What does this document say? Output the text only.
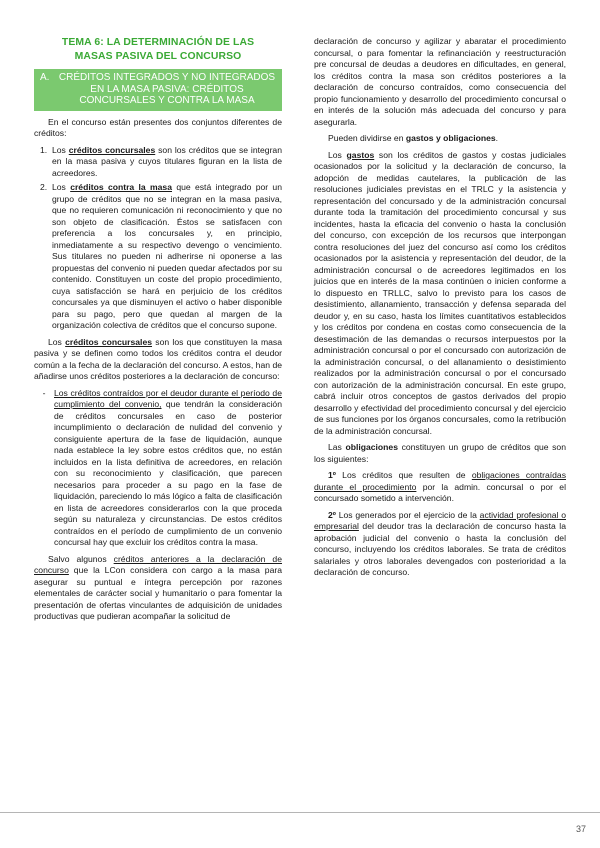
TEMA 6: LA DETERMINACIÓN DE LAS MASAS PASIVA DEL CONCURSO
A. CRÉDITOS INTEGRADOS Y NO INTEGRADOS EN LA MASA PASIVA: CRÉDITOS CONCURSALES Y CONTRA LA MASA

En el concurso están presentes dos conjuntos diferentes de créditos:

1. Los créditos concursales son los créditos que se integran en la masa pasiva y cuyos titulares figuran en la lista de acreedores.
2. Los créditos contra la masa que está integrado por un grupo de créditos que no se integran en la masa pasiva, que no requieren comunicación ni reconocimiento y que no son objeto de clasificación. Éstos se satisfacen con preferencia a los concursales y, en principio, inmediatamente a su respectivo devengo o vencimiento. Sus titulares no pueden ni adherirse ni oponerse a las propuestas del convenio ni pueden quedar afectados por su contenido. Constituyen un coste del propio procedimiento, cuya satisfacción se hará en perjuicio de los créditos concursales ya que disminuyen el activo o haber disponible para su pago, pero que quedan al margen de la organización colectiva de créditos que el concurso supone.

Los créditos concursales son los que constituyen la masa pasiva y se definen como todos los créditos contra el deudor común a la fecha de la declaración del concurso. A estos, han de añadirse unos créditos posteriores a la declaración de concurso:

- Los créditos contraídos por el deudor durante el período de cumplimiento del convenio, que tendrán la consideración de créditos concursales en caso de posterior incumplimiento o declaración de nulidad del convenio y consiguiente apertura de la fase de liquidación, aunque nada establece la ley sobre estos créditos que, no están incluidos en la lista definitiva de acreedores, en relación con su reconocimiento y clasificación, que parecen necesarios para proceder a su pago en la fase de liquidación, pareciendo lo más lógico a falta de clasificación en lista de acreedores considerarlos con la que proceda según su naturaleza y circunstancias. De estos créditos contraídos en el período de cumplimiento de un convenio concursal hay que excluir los créditos contra la masa.

Salvo algunos créditos anteriores a la declaración de concurso que la LCon considera con cargo a la masa para asegurar su puntual e íntegra percepción por razones elementales de carácter social y humanitario o para fomentar la presentación de ofertas vinculantes de adquisición de unidades productivas que pudieran acompañar la solicitud de

declaración de concurso y agilizar y abaratar el procedimiento concursal, o para fomentar la refinanciación y reestructuración pre concursal de deudas a deudores en dificultades, en general, los créditos contra la masa son créditos posteriores a la declaración de concurso contraídos, como consecuencia del propio funcionamiento y desarrollo del procedimiento concursal o en interés de la solución más adecuada del concurso y para asegurarla.

Pueden dividirse en gastos y obligaciones.

Los gastos son los créditos de gastos y costas judiciales ocasionados por la solicitud y la declaración de concurso, la adopción de medidas cautelares, la publicación de las resoluciones judiciales previstas en el TRLC y la asistencia y representación del concursado y de la administración concursal durante toda la tramitación del procedimiento concursal y sus incidentes, hasta la eficacia del convenio o hasta la conclusión del concurso, con excepción de los recursos que interpongan contra resoluciones del juez del concurso así como los créditos ocasionados por la asistencia y representación del deudor, de la administración concursal o de acreedores legitimados en los juicios que en interés de la masa continúen o inicien conforme a lo dispuesto en TRLLC, salvo lo previsto para los casos de desistimiento, allanamiento, transacción y defensa separada del deudor y, en su caso, hasta los límites cuantitativos establecidos y los créditos por condena en costas como consecuencia de la desestimación de las demandas o recursos interpuestos por la administración concursal o por el concursado con autorización de la administración concursal, o del allanamiento o desistimiento realizados por la administración concursal o por el concursado con autorización de la administración concursal. En este grupo, cabrá incluir otros conceptos de gastos derivados del propio desarrollo y efectividad del procedimiento concursal y del ejercicio de sus funciones por los órganos concursales, como la retribución de la administración concursal.

Las obligaciones constituyen un grupo de créditos que son los siguientes:

1º Los créditos que resulten de obligaciones contraídas durante el procedimiento por la admin. concursal o por el concursado sometido a intervención.

2º Los generados por el ejercicio de la actividad profesional o empresarial del deudor tras la declaración de concurso hasta la aprobación judicial del convenio o hasta la conclusión del concurso, incluyendo los créditos laborales. Se trata de créditos salariales y otros laborales devengados con posterioridad a la declaración de concurso.

37
